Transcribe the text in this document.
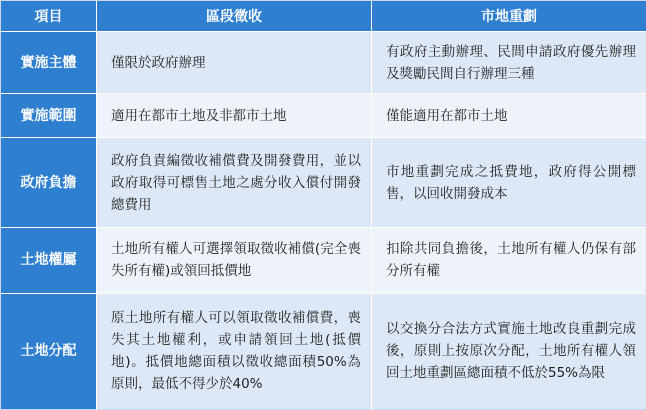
項目	區段徵收	市地重劃
實施主體	僅限於政府辦理	有政府主動辦理、民間申請政府優先辦理及獎勵民間自行辦理三種
實施範圍	適用在都市土地及非都市土地	僅能適用在都市土地
政府負擔	政府負責編徵收補償費及開發費用，並以政府取得可標售土地之處分收入償付開發總費用	市地重劃完成之抵費地，政府得公開標售，以回收開發成本
土地權屬	土地所有權人可選擇領取徵收補償(完全喪失所有權)或領回抵價地	扣除共同負擔後，土地所有權人仍保有部分所有權
土地分配	原土地所有權人可以領取徵收補償費，喪失其土地權利，或申請領回土地(抵價地)。抵價地總面積以徵收總面積50%為原則，最低不得少於40%	以交換分合法方式實施土地改良重劃完成後，原則上按原次分配，土地所有權人領回土地重劃區總面積不低於55%為限
